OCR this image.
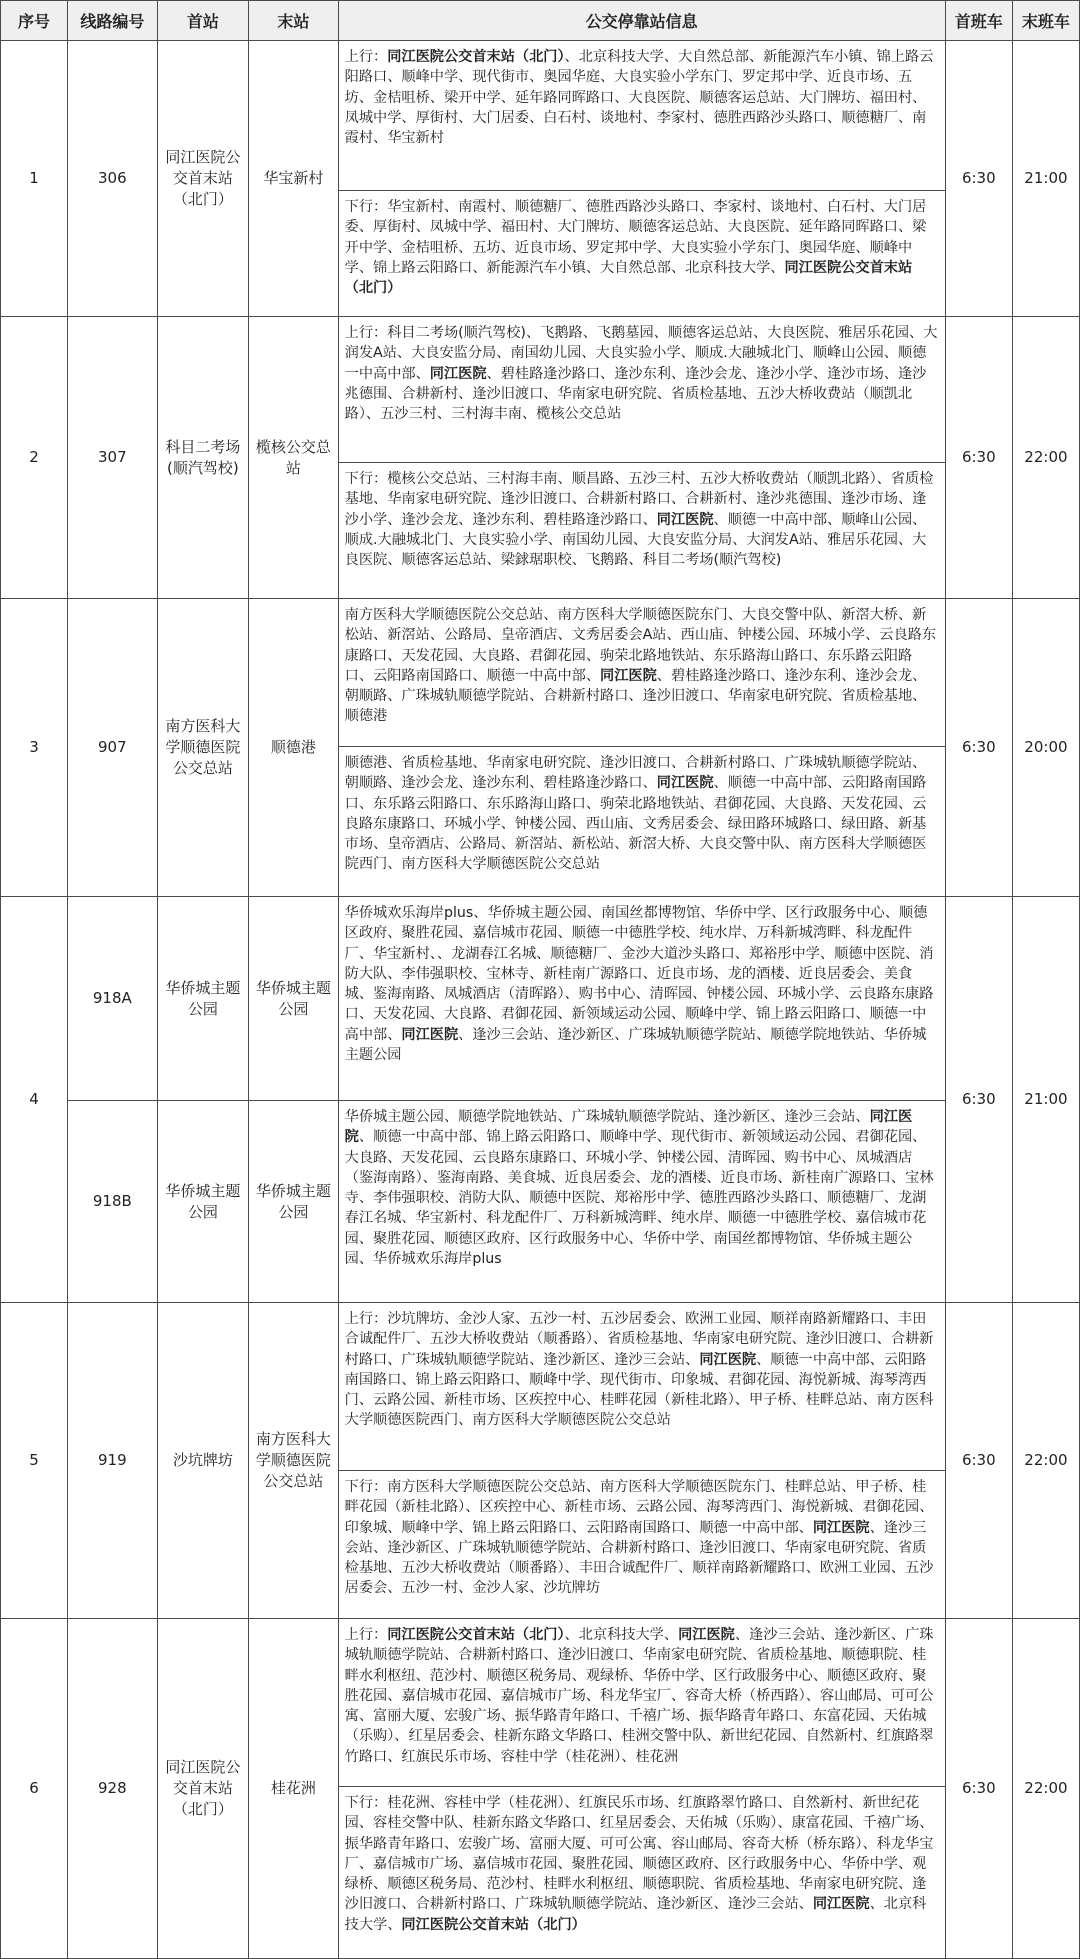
序号	线路编号	首站	末站	公交停靠站信息	首班车	末班车
1	306	同江医院公交首末站（北门）	华宝新村	上行：同江医院公交首末站（北门）、北京科技大学、大自然总部、新能源汽车小镇、锦上路云阳路口、顺峰中学、现代街市、奥园华庭、大良实验小学东门、罗定邦中学、近良市场、五坊、金桔咀桥、梁开中学、延年路同晖路口、大良医院、顺德客运总站、大门牌坊、福田村、凤城中学、厚街村、大门居委、白石村、谈地村、李家村、德胜西路沙头路口、顺德糖厂、南霞村、华宝新村	6:30	21:00
				下行：华宝新村、南霞村、顺德糖厂、德胜西路沙头路口、李家村、谈地村、白石村、大门居委、厚街村、凤城中学、福田村、大门牌坊、顺德客运总站、大良医院、延年路同晖路口、梁开中学、金桔咀桥、五坊、近良市场、罗定邦中学、大良实验小学东门、奥园华庭、顺峰中学、锦上路云阳路口、新能源汽车小镇、大自然总部、北京科技大学、同江医院公交首末站（北门）		
2	307	科目二考场(顺汽驾校)	榄核公交总站	上行：科目二考场(顺汽驾校)、飞鹅路、飞鹅墓园、顺德客运总站、大良医院、雅居乐花园、大润发A站、大良安监分局、南国幼儿园、大良实验小学、顺成.大融城北门、顺峰山公园、顺德一中高中部、同江医院、碧桂路逢沙路口、逢沙东利、逢沙会龙、逢沙小学、逢沙市场、逢沙兆德围、合耕新村、逢沙旧渡口、华南家电研究院、省质检基地、五沙大桥收费站（顺凯北路）、五沙三村、三村海丰南、榄核公交总站	6:30	22:00
				下行：榄核公交总站、三村海丰南、顺昌路、五沙三村、五沙大桥收费站（顺凯北路）、省质检基地、华南家电研究院、逢沙旧渡口、合耕新村路口、合耕新村、逢沙兆德围、逢沙市场、逢沙小学、逢沙会龙、逢沙东利、碧桂路逢沙路口、同江医院、顺德一中高中部、顺峰山公园、顺成.大融城北门、大良实验小学、南国幼儿园、大良安监分局、大润发A站、雅居乐花园、大良医院、顺德客运总站、梁銶琚职校、飞鹅路、科目二考场(顺汽驾校)		
3	907	南方医科大学顺德医院公交总站	顺德港	南方医科大学顺德医院公交总站、南方医科大学顺德医院东门、大良交警中队、新滘大桥、新松站、新滘站、公路局、皇帝酒店、文秀居委会A站、西山庙、钟楼公园、环城小学、云良路东康路口、天发花园、大良路、君御花园、驹荣北路地铁站、东乐路海山路口、东乐路云阳路口、云阳路南国路口、顺德一中高中部、同江医院、碧桂路逢沙路口、逢沙东利、逢沙会龙、朝顺路、广珠城轨顺德学院站、合耕新村路口、逢沙旧渡口、华南家电研究院、省质检基地、顺德港	6:30	20:00
				顺德港、省质检基地、华南家电研究院、逢沙旧渡口、合耕新村路口、广珠城轨顺德学院站、朝顺路、逢沙会龙、逢沙东利、碧桂路逢沙路口、同江医院、顺德一中高中部、云阳路南国路口、东乐路云阳路口、东乐路海山路口、驹荣北路地铁站、君御花园、大良路、天发花园、云良路东康路口、环城小学、钟楼公园、西山庙、文秀居委会、绿田路环城路口、绿田路、新基市场、皇帝酒店、公路局、新滘站、新松站、新滘大桥、大良交警中队、南方医科大学顺德医院西门、南方医科大学顺德医院公交总站		
4	918A	华侨城主题公园	华侨城主题公园	华侨城欢乐海岸plus、华侨城主题公园、南国丝都博物馆、华侨中学、区行政服务中心、顺德区政府、聚胜花园、嘉信城市花园、顺德一中德胜学校、纯水岸、万科新城湾畔、科龙配件厂、华宝新村、、龙湖春江名城、顺德糖厂、金沙大道沙头路口、郑裕彤中学、顺德中医院、消防大队、李伟强职校、宝林寺、新桂南广源路口、近良市场、龙的酒楼、近良居委会、美食城、鉴海南路、凤城酒店（清晖路）、购书中心、清晖园、钟楼公园、环城小学、云良路东康路口、天发花园、大良路、君御花园、新领域运动公园、顺峰中学、锦上路云阳路口、顺德一中高中部、同江医院、逢沙三会站、逢沙新区、广珠城轨顺德学院站、顺德学院地铁站、华侨城主题公园	6:30	21:00
	918B	华侨城主题公园	华侨城主题公园	华侨城主题公园、顺德学院地铁站、广珠城轨顺德学院站、逢沙新区、逢沙三会站、同江医院、顺德一中高中部、锦上路云阳路口、顺峰中学、现代街市、新领域运动公园、君御花园、大良路、天发花园、云良路东康路口、环城小学、钟楼公园、清晖园、购书中心、凤城酒店（鉴海南路）、鉴海南路、美食城、近良居委会、龙的酒楼、近良市场、新桂南广源路口、宝林寺、李伟强职校、消防大队、顺德中医院、郑裕彤中学、德胜西路沙头路口、顺德糖厂、龙湖春江名城、华宝新村、科龙配件厂、万科新城湾畔、纯水岸、顺德一中德胜学校、嘉信城市花园、聚胜花园、顺德区政府、区行政服务中心、华侨中学、南国丝都博物馆、华侨城主题公园、华侨城欢乐海岸plus		
5	919	沙坑牌坊	南方医科大学顺德医院公交总站	上行：沙坑牌坊、金沙人家、五沙一村、五沙居委会、欧洲工业园、顺祥南路新耀路口、丰田合诚配件厂、五沙大桥收费站（顺番路）、省质检基地、华南家电研究院、逢沙旧渡口、合耕新村路口、广珠城轨顺德学院站、逢沙新区、逢沙三会站、同江医院、顺德一中高中部、云阳路南国路口、锦上路云阳路口、顺峰中学、现代街市、印象城、君御花园、海悦新城、海琴湾西门、云路公园、新桂市场、区疾控中心、桂畔花园（新桂北路）、甲子桥、桂畔总站、南方医科大学顺德医院西门、南方医科大学顺德医院公交总站	6:30	22:00
				下行：南方医科大学顺德医院公交总站、南方医科大学顺德医院东门、桂畔总站、甲子桥、桂畔花园（新桂北路）、区疾控中心、新桂市场、云路公园、海琴湾西门、海悦新城、君御花园、印象城、顺峰中学、锦上路云阳路口、云阳路南国路口、顺德一中高中部、同江医院、逢沙三会站、逢沙新区、广珠城轨顺德学院站、合耕新村路口、逢沙旧渡口、华南家电研究院、省质检基地、五沙大桥收费站（顺番路）、丰田合诚配件厂、顺祥南路新耀路口、欧洲工业园、五沙居委会、五沙一村、金沙人家、沙坑牌坊		
6	928	同江医院公交首末站（北门）	桂花洲	上行：同江医院公交首末站（北门）、北京科技大学、同江医院、逢沙三会站、逢沙新区、广珠城轨顺德学院站、合耕新村路口、逢沙旧渡口、华南家电研究院、省质检基地、顺德职院、桂畔水利枢纽、范沙村、顺德区税务局、观绿桥、华侨中学、区行政服务中心、顺德区政府、聚胜花园、嘉信城市花园、嘉信城市广场、科龙华宝厂、容奇大桥（桥西路）、容山邮局、可可公寓、富丽大厦、宏骏广场、振华路青年路口、千禧广场、振华路青年路口、东富花园、天佑城（乐购）、红星居委会、桂新东路文华路口、桂洲交警中队、新世纪花园、自然新村、红旗路翠竹路口、红旗民乐市场、容桂中学（桂花洲）、桂花洲	6:30	22:00
				下行：桂花洲、容桂中学（桂花洲）、红旗民乐市场、红旗路翠竹路口、自然新村、新世纪花园、容桂交警中队、桂新东路文华路口、红星居委会、天佑城（乐购）、康富花园、千禧广场、振华路青年路口、宏骏广场、富丽大厦、可可公寓、容山邮局、容奇大桥（桥东路）、科龙华宝厂、嘉信城市广场、嘉信城市花园、聚胜花园、顺德区政府、区行政服务中心、华侨中学、观绿桥、顺德区税务局、范沙村、桂畔水利枢纽、顺德职院、省质检基地、华南家电研究院、逢沙旧渡口、合耕新村路口、广珠城轨顺德学院站、逢沙新区、逢沙三会站、同江医院、北京科技大学、同江医院公交首末站（北门）		
